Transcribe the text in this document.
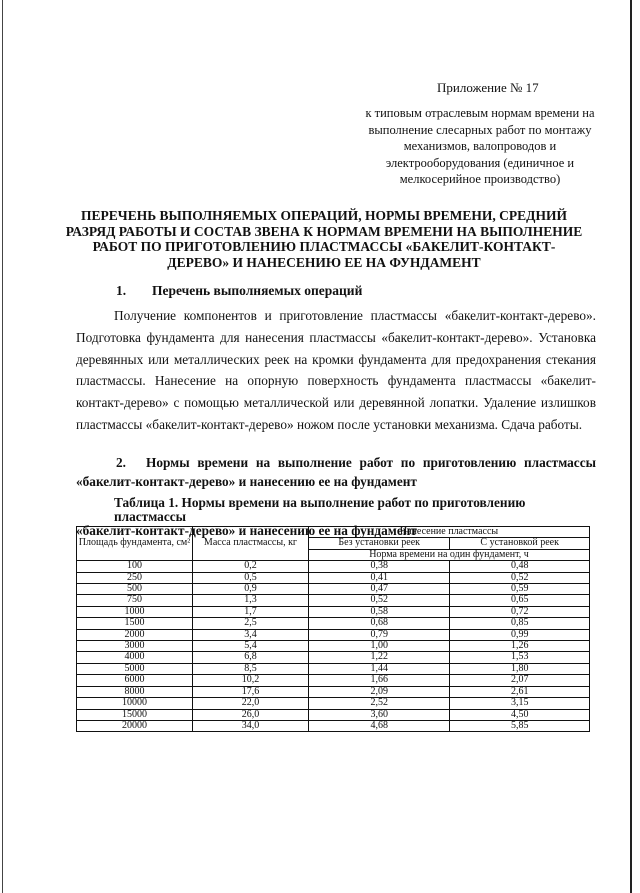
Приложение № 17
к типовым отраслевым нормам времени на выполнение слесарных работ по монтажу механизмов, валопроводов и электрооборудования (единичное и мелкосерийное производство)
ПЕРЕЧЕНЬ ВЫПОЛНЯЕМЫХ ОПЕРАЦИЙ, НОРМЫ ВРЕМЕНИ, СРЕДНИЙ РАЗРЯД РАБОТЫ И СОСТАВ ЗВЕНА К НОРМАМ ВРЕМЕНИ НА ВЫПОЛНЕНИЕ РАБОТ ПО ПРИГОТОВЛЕНИЮ ПЛАСТМАССЫ «БАКЕЛИТ-КОНТАКТ-ДЕРЕВО» И НАНЕСЕНИЮ ЕЕ НА ФУНДАМЕНТ
1. Перечень выполняемых операций
Получение компонентов и приготовление пластмассы «бакелит-контакт-дерево». Подготовка фундамента для нанесения пластмассы «бакелит-контакт-дерево». Установка деревянных или металлических реек на кромки фундамента для предохранения стекания пластмассы. Нанесение на опорную поверхность фундамента пластмассы «бакелит-контакт-дерево» с помощью металлической или деревянной лопатки. Удаление излишков пластмассы «бакелит-контакт-дерево» ножом после установки механизма. Сдача работы.
2. Нормы времени на выполнение работ по приготовлению пластмассы «бакелит-контакт-дерево» и нанесению ее на фундамент
Таблица 1. Нормы времени на выполнение работ по приготовлению пластмассы
«бакелит-контакт-дерево» и нанесению ее на фундамент
Площадь фундамента, см²	Масса пластмассы, кг	Нанесение пластмассы	
		Без установки реек	С установкой реек
		Норма времени на один фундамент, ч	
100	0,2	0,38	0,48
250	0,5	0,41	0,52
500	0,9	0,47	0,59
750	1,3	0,52	0,65
1000	1,7	0,58	0,72
1500	2,5	0,68	0,85
2000	3,4	0,79	0,99
3000	5,4	1,00	1,26
4000	6,8	1,22	1,53
5000	8,5	1,44	1,80
6000	10,2	1,66	2,07
8000	17,6	2,09	2,61
10000	22,0	2,52	3,15
15000	26,0	3,60	4,50
20000	34,0	4,68	5,85
